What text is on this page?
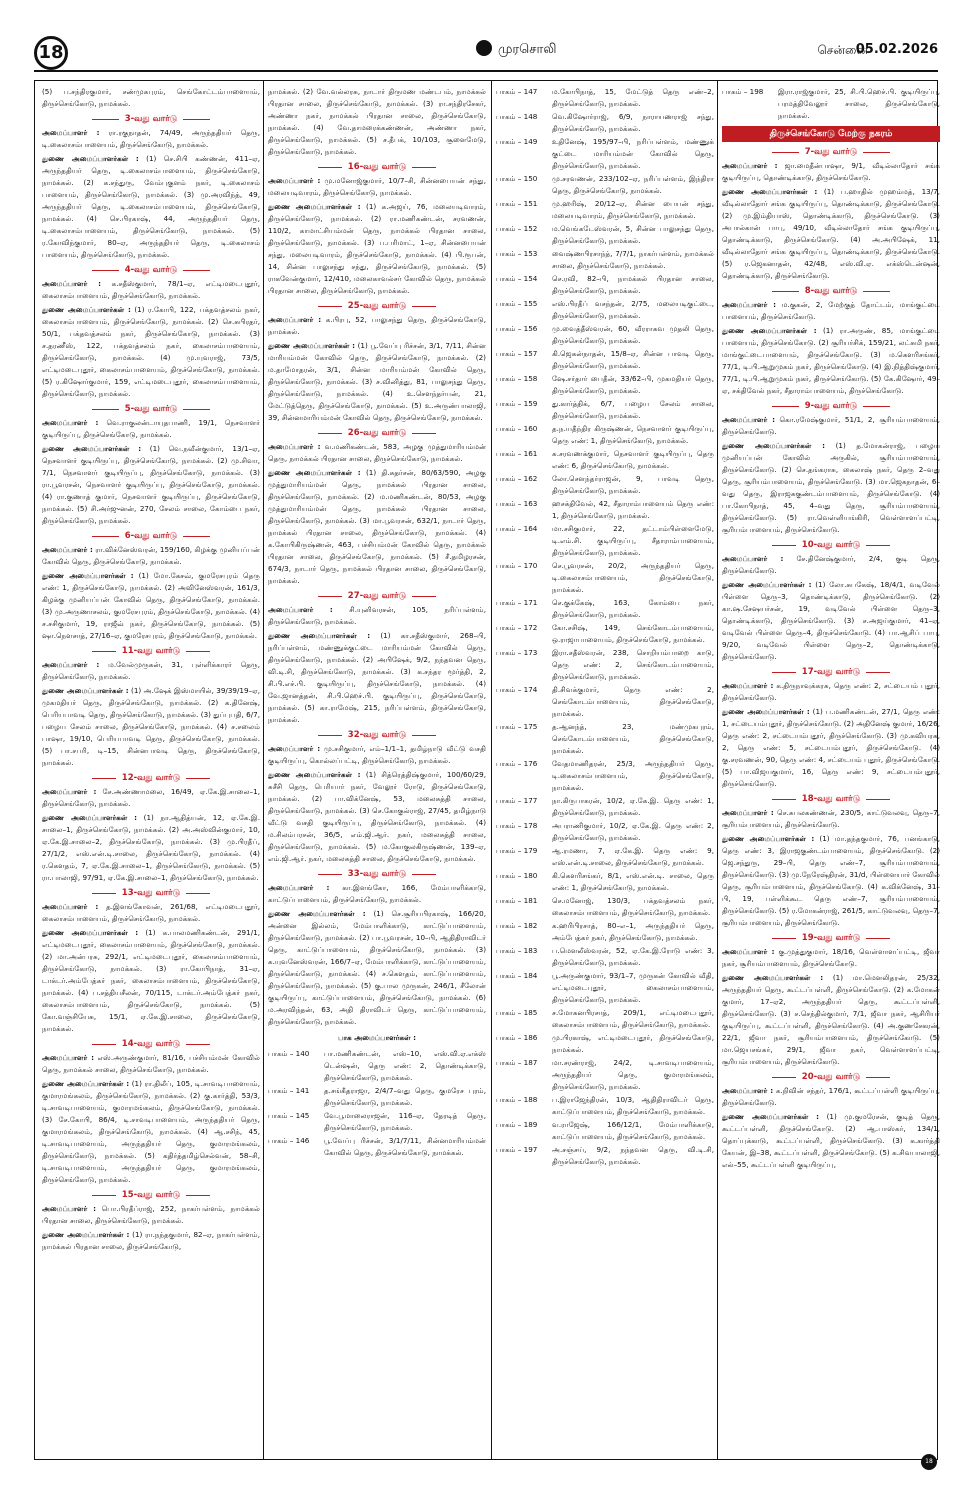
18	முரசொலி	சென்னை
05.02.2026

(5) ப.சந்திரகுமார், சண்முகபுரம், செங்கோட்டம்பாளையம், திருச்செங்கோடு, நாமக்கல்.

3-வது வார்டு

அமைப்பாளர் : ரா.ரகுநாதன், 74/49, அருந்ததியர் தெரு, டி.கைலாசம்பாளையம், திருச்செங்கோடு, நாமக்கல்.

துணை அமைப்பாளர்கள் : (1) செ.சிபி கண்ணன், 411–ஏ, அருந்ததியர் தெரு, டி.கைலாசம்பாளையம், திருச்செங்கோடு, நாமக்கல். (2) க.சந்துரு, வேம்புகுளம் நகர், டி.கைலாசம் பாளையம், திருச்செங்கோடு, நாமக்கல். (3) மு.அரவிந்த், 49, அருந்ததியர் தெரு, டி.கைலாசம்பாளையம், திருச்செங்கோடு, நாமக்கல். (4) செ.பிரகாஷ், 44, அருந்ததியர் தெரு, டி.கைலாசம்பாளையம், திருச்செங்கோடு, நாமக்கல். (5) ர.கோவிந்குமார், 80–ஏ, அருந்ததியர் தெரு, டி.கைலாசம் பாளையம், திருச்செங்கோடு, நாமக்கல்.

4-வது வார்டு

அமைப்பாளர் : க.சதீஸ்குமார், 78/1–ஏ, எட்டிமடைபுதூர், கைலாசம்பாளையம், திருச்செங்கோடு, நாமக்கல்.

துணை அமைப்பாளர்கள் : (1) ர.கோபி, 122, பக்தவத்சலம் நகர், கைலாசம்பாளையம், திருச்செங்கோடு, நாமக்கல். (2) செ.சுபிரதர், 50/1, பக்தவத்சலம் நகர், திருச்செங்கோடு, நாமக்கல். (3) ச.தரணீஸ், 122, பக்தவத்சலம் நகர், கைலாசம்பாளையம், திருச்செங்கோடு, நாமக்கல். (4) மு.யுவராஜ், 73/5, எட்டிமடைபுதூர், கைலாசம்பாளையம், திருச்செங்கோடு, நாமக்கல். (5) ர.கிஷோர்குமார், 159, எட்டிமடைபுதூர், கைலாசம்பாளையம், திருச்செங்கோடு, நாமக்கல்.

5-வது வார்டு

அமைப்பாளர் : வெ.ராகுலன்டாயுதபாணி, 19/1, நெசவாளர் குடியிருப்பு, திருச்செங்கோடு, நாமக்கல்.

துணை அமைப்பாளர்கள் : (1) வெ.நவீன்குமார், 13/1–ஏ, நெசவாளர் குடியிருப்பு, திருச்செங்கோடு, நாமக்கல். (2) மு.சிவா, 7/1, நெசவாளர் குடியிருப்பு, திருச்செங்கோடு, நாமக்கல். (3) ரா.பூவரசன், நெசவாளர் குடியிருப்பு, திருச்செங்கோடு, நாமக்கல். (4) ரா.குணாத் குமார், நெசவாளர் குடியிருப்பு, திருச்செங்கோடு, நாமக்கல். (5) சி.அர்ஜுனன், 270, சேலம் சாலை, கோம்பை நகர், திருச்செங்கோடு, நாமக்கல்.

6-வது வார்டு

அமைப்பாளர் : ரா.விக்னேஸ்வரன், 159/160, கிழக்கு முனியப்பன் கோவில் தெரு, திருச்செங்கோடு, நாமக்கல்.

துணை அமைப்பாளர்கள் : (1) மோ.கேசவ், குமரேசபுரம் தெரு எண்: 1, திருச்செங்கோடு, நாமக்கல். (2) அவினேஸ்வரன், 161/3, கிழக்கு முனியப்பன் கோவில் தெரு, திருச்செங்கோடு, நாமக்கல். (3) மு.அருணாசலம், குமரேசபுரம், திருச்செங்கோடு, நாமக்கல். (4) ச.சசிகுமார், 19, ராஜீவ் நகர், திருச்செங்கோடு, நாமக்கல். (5) ஷா.நௌசாத், 27/16–ஏ, குமரேசபுரம், திருச்செங்கோடு, நாமக்கல்.

11-வது வார்டு

அமைப்பாளர் : ம.வேல்முருகன், 31, புள்ளிக்காரர் தெரு, திருச்செங்கோடு, நாமக்கல்.

துணை அமைப்பாளர்கள் : (1) அ.ஷேக் இஸ்மாயில், 39/39/19–ஏ, முகமதியர் தெரு, திருச்செங்கோடு, நாமக்கல். (2) க.தினேஷ், பெரியபாவடி தெரு, திருச்செங்கோடு, நாமக்கல். (3) துப்புபதி, 6/7, பழைய சேலம் சாலை, திருச்செங்கோடு, நாமக்கல். (4) ச.சலைம் பாஷா, 19/10, பெரியபாவடி தெரு, திருச்செங்கோடு, நாமக்கல். (5) பா.சபரி, டி–15, சின்னபாவடி தெரு, திருச்செங்கோடு, நாமக்கல்.

12-வது வார்டு

அமைப்பாளர் : சே.அண்ணாமலை, 16/49, ஏ.கே.இ.சாலை–1, திருச்செங்கோடு, நாமக்கல்.

துணை அமைப்பாளர்கள் : (1) நா.ஆதித்யன், 12, ஏ.கே.இ. சாலை–1, திருச்செங்கோடு, நாமக்கல். (2) அ.அஸ்வின்குமார், 10, ஏ.கே.இ.சாலை–2, திருச்செங்கோடு, நாமக்கல். (3) மு.பிரதீப், 27/1/2, எஸ்.என்.டி.சாலை, திருச்செங்கோடு, நாமக்கல். (4) ர.கௌதம், 7, ஏ.கே.இ.சாலை–1, திருச்செங்கோடு, நாமக்கல். (5) ரா.பாலாஜி, 97/91, ஏ.கே.இ.சாலை–1, திருச்செங்கோடு, நாமக்கல்.

13-வது வார்டு

அமைப்பாளர் : த.இளங்கோவன், 261/68, எட்டிமடைபுதூர், கைலாசம்பாளையம், திருச்செங்கோடு, நாமக்கல்.

துணை அமைப்பாளர்கள் : (1) க.பாலமணிகண்டன், 291/1, எட்டிமடைபுதூர், கைலாசம்பாளையம், திருச்செங்கோடு, நாமக்கல். (2) மா.அன்பரசு, 292/1, எட்டிமடைபுதூர், கைலாசம்பாளையம், திருச்செங்கோடு, நாமக்கல். (3) ரா.கோபிநாத், 31–ஏ, டாக்டர்.அம்பேத்கர் நகர், கைலாசம்பாளையம், திருச்செங்கோடு, நாமக்கல். (4) ப.சத்தியசீலன், 70/115, டாக்டர்.அம்பேத்கர் நகர், கைலாசம்பாளையம், திருச்செங்கோடு, நாமக்கல். (5) கோ.வஞ்சியேசு, 15/1, ஏ.கே.இ.சாலை, திருச்செங்கோடு, நாமக்கல்.

14-வது வார்டு

அமைப்பாளர் : எஸ்.அருண்குமார், 81/16, பச்சியம்மன் கோவில் தெரு, நாமக்கல் சாலை, திருச்செங்கோடு, நாமக்கல்.

துணை அமைப்பாளர்கள் : (1) ரா.திலீப், 105, டி.சாவடிபாளையம், குமாரமங்கலம், திருச்செங்கோடு, நாமக்கல். (2) கு.கார்த்தி, 53/3, டி.சாவடிபாளையம், குமாரமங்கலம், திருச்செங்கோடு, நாமக்கல். (3) சே.கோபி, 86/4, டி.சாவடிபாளையம், அருந்ததியர் தெரு, குமாரமங்கலம், திருச்செங்கோடு, நாமக்கல். (4) ஆ.சசிந், 45, டி.சாவடிபாளையம், அருந்ததியர் தெரு, குமாரமங்கலம், திருச்செங்கோடு, நாமக்கல். (5) கதிர்த்தமிழ்செல்வன், 58–சி, டி.சாவடிபாளையம், அருந்ததியர் தெரு, குமாரமங்கலம், திருச்செங்கோடு, நாமக்கல்.

15-வது வார்டு

அமைப்பாளர் : பொ.பிரதீப்ராஜ், 252, நாகர்பள்ளம், நாமக்கல் பிரதான சாலை, திருச்செங்கோடு, நாமக்கல்.

துணை அமைப்பாளர்கள் : (1) ரா.நந்தகுமார், 82–ஏ, நாகர்பள்ளம், நாமக்கல் பிரதான சாலை, திருச்செங்கோடு,

நாமக்கல். (2) வே.வல்லரசு, நாடார் திருமண மண்டபம், நாமக்கல் பிரதான சாலை, திருச்செங்கோடு, நாமக்கல். (3) ரா.சந்திரசேகர், அண்ணா நகர், நாமக்கல் பிரதான சாலை, திருச்செங்கோடு, நாமக்கல். (4) வே.தாமரைக்கண்ணன், அண்ணா நகர், திருச்செங்கோடு, நாமக்கல். (5) ச.தீபக், 10/103, சூளைமேடு, திருச்செங்கோடு, நாமக்கல்.

16-வது வார்டு

அமைப்பாளர் : மு.மனோஜ்குமார், 10/7–சி, சின்னபையன் சந்து, மலையடிவாரம், திருச்செங்கோடு, நாமக்கல்.

துணை அமைப்பாளர்கள் : (1) க.அஜய், 76, மலையடிவாரம், திருச்செங்கோடு, நாமக்கல். (2) ரா.மணிகண்டன், சரவணன், 110/2, காமாட்சியம்மன் தெரு, நாமக்கல் பிரதான சாலை, திருச்செங்கோடு, நாமக்கல். (3) ப.பரிமாட், 1–ஏ, சின்னபையன் சந்து, மலையடிவாரம், திருச்செங்கோடு, நாமக்கல். (4) பி.ரூபன், 14, சின்ன பாலுசந்து சந்து, திருச்செங்கோடு, நாமக்கல். (5) ராகவேன்குமார், 12/410, மலைகாவல்சர் கோவில் தெரு, நாமக்கல் பிரதான சாலை, திருச்செங்கோடு, நாமக்கல்.

25-வது வார்டு

அமைப்பாளர் : க.பிரபு, 52, பாலுசந்து தெரு, திருச்செங்கோடு, நாமக்கல்.

துணை அமைப்பாளர்கள் : (1) பூ.வேப்பு ரிச்சன், 3/1, 7/11, சின்ன மாரியம்மன் கோவில் தெரு, திருச்செங்கோடு, நாமக்கல். (2) ம.தாமோதரன், 3/1, சின்ன மாரியம்மன் கோவில் தெரு, திருச்செங்கோடு, நாமக்கல். (3) ச.வினித்து, 81, பாலுசந்து தெரு, திருச்செங்கோடு, நாமக்கல். (4) உ.செளந்தர்யன், 21, மேட்டுத்தெரு, திருச்செங்கோடு, நாமக்கல். (5) உ.அருண்பாலாஜி, 39, சின்னமாரியம்மன் கோவில் தெரு, திருச்செங்கோடு, நாமக்கல்.

26-வது வார்டு

அமைப்பாளர் : வ.மணிகண்டன், 583, அழகு முத்துமாரியம்மன் தெரு, நாமக்கல் பிரதான சாலை, திருச்செங்கோடு, நாமக்கல்.

துணை அமைப்பாளர்கள் : (1) தி.சுதர்சன், 80/63/590, அழகு முத்துமாரியம்மன் தெரு, நாமக்கல் பிரதான சாலை, திருச்செங்கோடு, நாமக்கல். (2) ம.மணிகண்டன், 80/53, அழகு முத்துமாரியம்மன் தெரு, நாமக்கல் பிரதான சாலை, திருச்செங்கோடு, நாமக்கல். (3) மா.பூவரசன், 632/1, நாடார் தெரு, நாமக்கல் பிரதான சாலை, திருச்செங்கோடு, நாமக்கல். (4) க.கோபிகிருஷ்ணன், 463, பச்சியம்மன் கோவில் தெரு, நாமக்கல் பிரதான சாலை, திருச்செங்கோடு, நாமக்கல். (5) சீ.தமிழரசன், 674/3, நாடார் தெரு, நாமக்கல் பிரதான சாலை, திருச்செங்கோடு, நாமக்கல்.

27-வது வார்டு

அமைப்பாளர் : சி.யுனிவரசன், 105, நரிப்பள்ளம், திருச்செங்கோடு, நாமக்கல்.

துணை அமைப்பாளர்கள் : (1) கா.சதீஸ்குமார், 268–பி, நரிப்பள்ளம், மண்ணுக்குட்டை மாரியம்மன் கோவில் தெரு, திருச்செங்கோடு, நாமக்கல். (2) அபிஷேக், 9/2, நந்தவன தெரு, வி.டி.சி, திருச்செங்கோடு, நாமக்கல். (3) க.சந்தர மூர்த்தி, 2, சி.பி.எச்.பி. குடியிருப்பு, திருச்செங்கோடு, நாமக்கல். (4) வே.ஜானத்தன், சி.பி.ஹெச்.பி. குடியிருப்பு, திருச்செங்கோடு, நாமக்கல். (5) கா.ராமேஷ், 215, நரிப்பள்ளம், திருச்செங்கோடு, நாமக்கல்.

32-வது வார்டு

அமைப்பாளர் : மு.சசிகுமார், எம்–1/1–1, தமிழ்நாடு வீட்டு வசதி குடியிருப்பு, கொல்லப்பட்டி, திருச்செங்கோடு, நாமக்கல்.

துணை அமைப்பாளர்கள் : (1) சித்ரெத்திஷ்குமார், 100/60/29, சுசீசி தெரு, பெரியார் நகர், வேலூர் ரோடு, திருச்செங்கோடு, நாமக்கல். (2) பா.விக்னேஷ், 53, மலைசுத்தி சாலை, திருச்செங்கோடு, நாமக்கல். (3) செ.கோகுல்ராஜ், 27/45, தமிழ்நாடு வீட்டு வசதி குடியிருப்பு, திருச்செங்கோடு, நாமக்கல். (4) ம.சிலம்பரசன், 36/5, எம்.ஜி.ஆர். நகர், மலைசுத்தி சாலை, திருச்செங்கோடு, நாமக்கல். (5) ம.கோகுலகிருஷ்ணன், 139–ஏ, எம்.ஜி.ஆர். நகர், மலைசுத்தி சாலை, திருச்செங்கோடு, நாமக்கல்.

33-வது வார்டு

அமைப்பாளர் : கா.இளங்கோ, 166, மேம்பாளிக்காடு, காட்டுப்பாளையம், திருச்செங்கோடு, நாமக்கல்.

துணை அமைப்பாளர்கள் : (1) செ.சூரியபிரகாஷ், 166/20, அன்னை இல்லம், மேம்பாளிக்காடு, காட்டுப்பாளையம், திருச்செங்கோடு, நாமக்கல். (2) பா.பூவரசன், 10–பி, ஆதிதிராவிடர் தெரு, காட்டுப்பாளையம், திருச்செங்கோடு, நாமக்கல். (3) க.யுவனேஸ்வரன், 166/7–ஏ, மேம்பாளிக்காடு, காட்டுப்பாளையம், திருச்செங்கோடு, நாமக்கல். (4) ச.கெளதம், காட்டுப்பாளையம், திருச்செங்கோடு, நாமக்கல். (5) கு.பால முருகன், 246/1, சீலோன் குடியிருப்பு, காட்டுப்பாளையம், திருச்செங்கோடு, நாமக்கல். (6) ம.அரவிந்தன், 63, அதி திராவிடர் தெரு, காட்டுப்பாளையம், திருச்செங்கோடு, நாமக்கல்.

பாக அமைப்பாளர்கள் :
பாகம் – 140	பா.மணிகண்டன், எஸ்–10, எஸ்.வி.ஏ.எக்ஸ் டென்ஷன், தெரு எண்: 2, தொண்டிக்காடு, திருச்செங்கோடு, நாமக்கல்.
பாகம் – 141	த.சங்கீதராஜா, 2/4/7–வது தெரு, குமரேச புரம், திருச்செங்கோடு, நாமக்கல்.
பாகம் – 145	வே.பூமாலைராஜன், 116–ஏ, தேரடித் தெரு, திருச்செங்கோடு, நாமக்கல்.
பாகம் – 146	பூ.வேப்பு ரிச்சன், 3/1/7/11, சின்னமாரியம்மன் கோவில் தெரு, திருச்செங்கோடு, நாமக்கல்.
பாகம் – 147	ம.கோபிநாத், 15, மேட்டுத் தெரு எண்–2, திருச்செங்கோடு, நாமக்கல்.
பாகம் – 148	வெ.கிஷோர்ராஜ், 6/9, நாராயணராஜ் சந்து, திருச்செங்கோடு, நாமக்கல்.
பாகம் – 149	உதினேஷ், 195/97–பி, நரிப்பள்ளம், மண்ணுக் குட்டை மாரியம்மன் கோவில் தெரு, திருச்செங்கோடு, நாமக்கல்.
பாகம் – 150	மு.சரவணன், 233/102–ஏ, நரிப்பள்ளம், இந்திரா தெரு, திருச்செங்கோடு, நாமக்கல்.
பாகம் – 151	மு.ஹரிஷ், 20/12–ஏ, சின்ன பையன் சந்து, மலையடிவாரம், திருச்செங்கோடு, நாமக்கல்.
பாகம் – 152	ம.வெங்கடேஸ்வரன், 5, சின்ன பாலுசந்து தெரு, திருச்செங்கோடு, நாமக்கல்.
பாகம் – 153	வைஷ்ணபிரசாந்த், 7/7/1, நாகர்பள்ளம், நாமக்கல் சாலை, திருச்செங்கோடு, நாமக்கல்.
பாகம் – 154	செ.ரவி, 82–பி, நாமக்கல் பிரதான சாலை, திருச்செங்கோடு, நாமக்கல்.
பாகம் – 155	எஸ்.பிரதீப் வசந்தன், 2/75, மலையடிகுட்டை, திருச்செங்கோடு, நாமக்கல்.
பாகம் – 156	மு.வைத்தீஸ்வரன், 60, வீரராகவ முதலி தெரு, திருச்செங்கோடு, நாமக்கல்.
பாகம் – 157	கி.ஜெகன்நாதன், 15/8–ஏ, சின்ன பாவடி தெரு, திருச்செங்கோடு, நாமக்கல்.
பாகம் – 158	ஷே.சர்தார் பைதீன், 33/62–பி, முகமதியர் தெரு, திருச்செங்கோடு, நாமக்கல்.
பாகம் – 159	து.கார்த்திக், 6/7, பழைய சேலம் சாலை, திருச்செங்கோடு, நாமக்கல்.
பாகம் – 160	த.ந.யதீந்திர கிருஷ்ணன், நெசவாளர் குடியிருப்பு, தெரு எண்: 1, திருச்செங்கோடு, நாமக்கல்.
பாகம் – 161	சு.சரவணக்குமார், நெசவாளர் குடியிருப்பு, தெரு எண்: 6, திருச்செங்கோடு, நாமக்கல்.
பாகம் – 162	லோ.செளந்தர்ராஜன், 9, பாவடி தெரு, திருச்செங்கோடு, நாமக்கல்.
பாகம் – 163	ஹசக்திவேல், 42, சீதாராம்பாளையம் தெரு எண்: 1, திருச்செங்கோடு, நாமக்கல்.
பாகம் – 164	மா.சசிகுமார், 22, தட்டாம்பிள்ளைமேடு, டி.எம்.சி. குடியிருப்பு, சீதாராம்பாளையம், திருச்செங்கோடு, நாமக்கல்.
பாகம் – 170	செ.பூவரசன், 20/2, அருந்ததியர் தெரு, டி.கைலாசம்பாளையம், திருச்செங்கோடு, நாமக்கல்.
பாகம் – 171	செ.குக்கேஷ், 163, கோம்பை நகர், திருச்செங்கோடு, நாமக்கல்.
பாகம் – 172	கோ.சசிஷ், 149, செங்கோடம்பாளையம், ஒ.ராஜாபாளையம், திருச்செங்கோடு, நாமக்கல்.
பாகம் – 173	இரா.சதீஸ்வரன், 238, சொறியம்பாறை காடு, தெரு எண்: 2, செங்கோடம்பாளையம், திருச்செங்கோடு, நாமக்கல்.
பாகம் – 174	தி.சிவக்குமார், தெரு எண்: 2, செங்கோடம்பாளையம், திருச்செங்கோடு, நாமக்கல்.
பாகம் – 175	த.ஆனந்த், 23, மண்முகபுரம், செங்கோடம்பாளையம், திருச்செங்கோடு, நாமக்கல்.
பாகம் – 176	வேதமாணிதரன், 25/3, அருந்ததியர் தெரு, டி.கைலாசம்பாளையம், திருச்செங்கோடு, நாமக்கல்.
பாகம் – 177	நா.கிருபாகரன், 10/2, ஏ.கே.இ. தெரு எண்: 1, திருச்செங்கோடு, நாமக்கல்.
பாகம் – 178	அபராணிகுமார், 10/2, ஏ.கே.இ. தெரு எண்: 2, திருச்செங்கோடு, நாமக்கல்.
பாகம் – 179	ஆ.ரமணா, 7, ஏ.கே.இ. தெரு எண்: 9, எஸ்.என்.டி.சாலை, திருச்செங்கோடு, நாமக்கல்.
பாகம் – 180	கி.கௌரிசங்கர், 8/1, எஸ்.என்.டி. சாலை, தெரு எண்: 1, திருச்செங்கோடு, நாமக்கல்.
பாகம் – 181	செ.மனோஜ், 130/3, பக்தவத்சலம் நகர், கைலாசம்பாளையம், திருச்செங்கோடு, நாமக்கல்.
பாகம் – 182	க.ஹரிபிரசாத், 80–எ–1, அருந்ததியர் தெரு, அம்பேத்கர் நகர், திருச்செங்கோடு, நாமக்கல்.
பாகம் – 183	ப.மௌலீஸ்வரன், 52, ஏ.கே.இ.ரோடு எண்: 3, திருச்செங்கோடு, நாமக்கல்.
பாகம் – 184	பூ.அருண்குமார், 93/1–7, முருகன் கோவில் வீதி, எட்டிமடைபுதூர், கைலாசம்பாளையம், திருச்செங்கோடு, நாமக்கல்.
பாகம் – 185	ச.மோகனபிரசாத், 209/1, எட்டிமடைபுதூர், கைலாசம்பாளையம், திருச்செங்கோடு, நாமக்கல்.
பாகம் – 186	மு.பிரகாஷ், எட்டிமடைபுதூர், திருச்செங்கோடு, நாமக்கல்.
பாகம் – 187	மா.சரண்ராஜ், 24/2, டி.சாவடிபாளையம், அருந்ததியர் தெரு, குமாரமங்கலம், திருச்செங்கோடு, நாமக்கல்.
பாகம் – 188	ப.இராஜேந்திரன், 10/3, ஆதிதிராவிடர் தெரு, காட்டுப்பாளையம், திருச்செங்கோடு, நாமக்கல்.
பாகம் – 189	வ.ராஜேஷ், 166/12/1, மேம்பாளிக்காடு, காட்டுப்பாளையம், திருச்செங்கோடு, நாமக்கல்.
பாகம் – 197	அ.சஞ்சய், 9/2, நந்தவன தெரு, வி.டி.சி, திருச்செங்கோடு, நாமக்கல்.
பாகம் – 198	இரா.ராஜ்குமார், 25, சி.பி.ஹெச்.பி. குடியிருப்பு, பரமத்திவேலூர் சாலை, திருச்செங்கோடு, நாமக்கல்.
திருச்செங்கோடு மேற்கு நகரம்
7-வது வார்டு

அமைப்பாளர் : ஜா.மைதீன்பாஷா, 9/1, வீடில்லாதோர் சங்க குடியிருப்பு, தொண்டிக்காடு, திருச்செங்கோடு.

துணை அமைப்பாளர்கள் : (1) ப.ஹாதில் முஹம்மத், 13/7, வீடில்லாதோர் சங்க குடியிருப்பு, தொண்டிக்காடு, திருச்செங்கோடு. (2) மு.இம்தியாஸ், தொண்டிக்காடு, திருச்செங்கோடு. (3) அபால்கான் பாபு, 49/10, வீடில்லாதோர் சங்க குடியிருப்பு, தொண்டிக்காடு, திருச்செங்கோடு. (4) அ.அபிஷேக், 11, வீடில்லாதோர் சங்க குடியிருப்பு, தொண்டிக்காடு, திருச்செங்கோடு. (5) ர.ஜெகனாதன், 42/48, எஸ்.வி.ஏ. எக்ஸ்டென்ஷன், தொண்டிக்காடு, திருச்செங்கோடு.

8-வது வார்டு

அமைப்பாளர் : ம.குகன், 2, மேற்குத் தோட்டம், மாங்குட்டை பாளையம், திருச்செங்கோடு.

துணை அமைப்பாளர்கள் : (1) ரா.அருண், 85, மாங்குட்டை பாளையம், திருச்செங்கோடு. (2) சூரியர்சிக், 159/21, லட்சுமி நகர், மாங்குட்டைபாளையம், திருச்செங்கோடு. (3) ம.கௌரிசங்கர், 77/1, டி.பி.ஆறுமுகம் நகர், திருச்செங்கோடு. (4) இ.நித்திஷ்குமார், 77/1, டி.பி.ஆறுமுகம் நகர், திருச்செங்கோடு. (5) கே.கிஷோர், 49–ஏ, சக்திவேல் நகர், சீதாராம்பாளையம், திருச்செங்கோடு.

9-வது வார்டு

அமைப்பாளர் : கொ.ரமேஷ்குமார், 51/1, 2, சூரியம்பாளையம், திருச்செங்கோடு.

துணை அமைப்பாளர்கள் : (1) த.மோகன்ராஜ், பழைய முனியப்பன் கோவில் அருகில், சூரியம்பாளையம், திருச்செங்கோடு. (2) செ.தங்கராசு, கைலாஷ் நகர், தெரு 2–வது தெரு, சூரியம்பாளையம், திருச்செங்கோடு. (3) மா.ஜெகநாதன், 6–வது தெரு, இராஜசுகுண்டம்பாளையம், திருச்செங்கோடு. (4) பா.கோபிநாத், 45, 4–வது தெரு, சூரியம்பாளையம், திருச்செங்கோடு. (5) ரா.வெள்ளியங்கிரி, வெள்ளாளப்பட்டி, சூரியம்பாளையம், திருச்செங்கோடு.

10-வது வார்டு

அமைப்பாளர் : சே.தினேஷ்குமார், 2/4, குடி தெரு, திருச்செங்கோடு.

துணை அமைப்பாளர்கள் : (1) லோ.சுபகேஷ், 18/4/1, வடிவேல் பிள்ளை தெரு–3, தொண்டிக்காடு, திருச்செங்கோடு. (2) கா.ஷ.சேஷயர்சன், 19, வடிவேல் பிள்ளை தெரு–3, தொண்டிக்காடு, திருச்செங்கோடு. (3) ச.அஜய்குமார், 41–ஏ, வடிவேல் பிள்ளை தெரு–4, திருச்செங்கோடு. (4) பா.ஆசிப் பாபு, 9/20, வடிவேல் பிள்ளை தெரு–2, தொண்டிக்காடு, திருச்செங்கோடு.

17-வது வார்டு

அமைப்பாளர் : க.திருநாவுக்கரசு, தெரு எண்: 2, சட்டையம் புதூர், திருச்செங்கோடு.

துணை அமைப்பாளர்கள் : (1) ப.மணிகண்டன், 27/1, தெரு எண்: 1, சட்டையம்புதூர், திருச்செங்கோடு. (2) அதினேஷ் குமார், 16/26, தெரு எண்: 2, சட்டையம்புதூர், திருச்செங்கோடு. (3) மு.கவியரசு, 2, தெரு எண்: 5, சட்டையம்புதூர், திருச்செங்கோடு. (4) கு.சரவணன், 90, தெரு எண்: 4, சட்டையம் புதூர், திருச்செங்கோடு. (5) பா.விஜயகுமார், 16, தெரு எண்: 9, சட்டையம்புதூர், திருச்செங்கோடு.

18-வது வார்டு

அமைப்பாளர் : செ.சுபலகண்ணன், 230/5, காட்டுவலவு, தெரு–7, சூரியம்பாளையம், திருச்செங்கோடு.

துணை அமைப்பாளர்கள் : (1) மா.தந்தகுமார், 76, பனங்காடு, தெரு எண்: 3, இராஜகுண்டம்பாளையம், திருச்செங்கோடு. (2) ஜெ.சந்துரு, 29–பி, தெரு எண்–7, சூரியம்பாளையம், திருச்செங்கோடு. (3) மு.நேரேஷ்திரன், 31/d, பிள்ளையார் கோவில் தெரு, சூரியம்பாளையம், திருச்செங்கோடு. (4) க.விக்னேஷ், 31–பி, 19, பள்ளிக்கூட தெரு எண்–7, சூரியம்பாளையம், திருச்செங்கோடு. (5) ர.மோகன்ராஜ், 261/5, காட்டுவலவு, தெரு–7, சூரியம்பாளையம், திருச்செங்கோடு.

19-வது வார்டு

அமைப்பாளர் : கு.முத்துகுமார், 18/16, வெள்ளாளப்பட்டி, ஜீவா நகர், சூரியம்பாளையம், திருச்செங்கோடு.

துணை அமைப்பாளர்கள் : (1) மா.மௌலிதரன், 25/32, அருந்ததியர் தெரு, கூட்டப்பள்ளி, திருச்செங்கோடு. (2) க.மோகன் குமார், 17–ஏ2, அருந்ததியர் தெரு, கூட்டப்பள்ளி, திருச்செங்கோடு. (3) ச.செந்தில்குமார், 7/1, ஜீவா நகர், ஆசிரியர் குடியிருப்பு, கூட்டப்பள்ளி, திருச்செங்கோடு. (4) அ.குணசேகரன், 22/1, ஜீவா நகர், சூரியம்பாளையம், திருச்செங்கோடு. (5) மா.ஜெயசங்கர், 29/1, ஜீவா நகர், வெள்ளாளப்பட்டி, சூரியம்பாளையம், திருச்செங்கோடு.

20-வது வார்டு

அமைப்பாளர் : க.நிவின் சந்தர், 176/1, கூட்டப்பள்ளி குடியிருப்பு, திருச்செங்கோடு.

துணை அமைப்பாளர்கள் : (1) மு.குமரேசன், குடித் தெரு, கூட்டப்பள்ளி, திருச்செங்கோடு. (2) ஆ.பாஸ்கர், 134/1, தொப்புக்காடு, கூட்டப்பள்ளி, திருச்செங்கோடு. (3) க.கார்த்தி கேயன், இ–38, கூட்டப்பள்ளி, திருச்செங்கோடு. (5) க.சிவபாலாஜி, எல்–55, கூட்டப்பள்ளி குடியிருப்பு,

18
